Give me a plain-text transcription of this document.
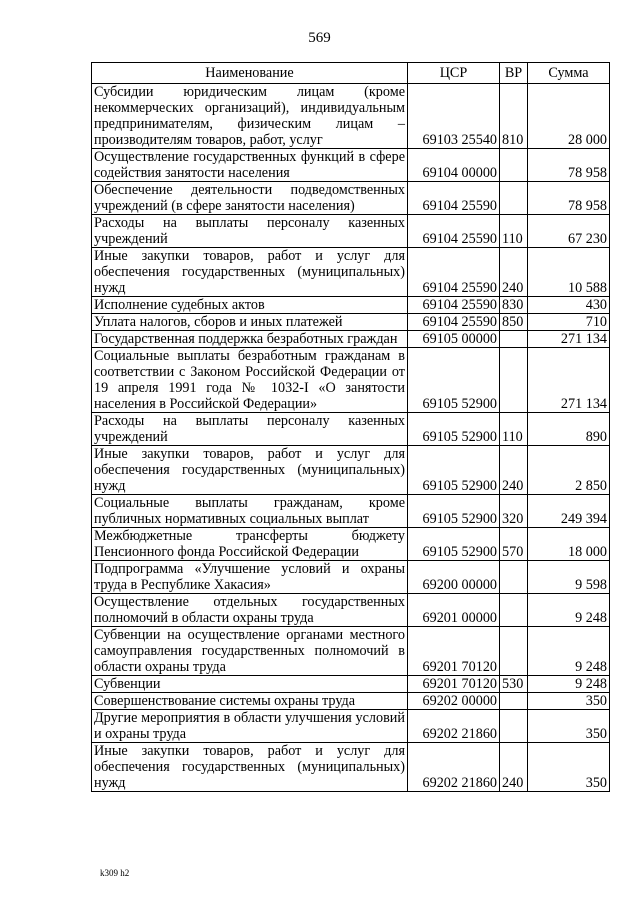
569
Наименование	ЦСР	ВР	Сумма
Субсидии юридическим лицам (кроме некоммерческих организаций), индивидуальным предпринимателям, физическим лицам – производителям товаров, работ, услуг	69103 25540	810	28 000
Осуществление государственных функций в сфере содействия занятости населения	69104 00000		78 958
Обеспечение деятельности подведомственных учреждений (в сфере занятости населения)	69104 25590		78 958
Расходы на выплаты персоналу казенных учреждений	69104 25590	110	67 230
Иные закупки товаров, работ и услуг для обеспечения государственных (муниципальных) нужд	69104 25590	240	10 588
Исполнение судебных актов	69104 25590	830	430
Уплата налогов, сборов и иных платежей	69104 25590	850	710
Государственная поддержка безработных граждан	69105 00000		271 134
Социальные выплаты безработным гражданам в соответствии с Законом Российской Федерации от 19 апреля 1991 года № 1032-I «О занятости населения в Российской Федерации»	69105 52900		271 134
Расходы на выплаты персоналу казенных учреждений	69105 52900	110	890
Иные закупки товаров, работ и услуг для обеспечения государственных (муниципальных) нужд	69105 52900	240	2 850
Социальные выплаты гражданам, кроме публичных нормативных социальных выплат	69105 52900	320	249 394
Межбюджетные трансферты бюджету Пенсионного фонда Российской Федерации	69105 52900	570	18 000
Подпрограмма «Улучшение условий и охраны труда в Республике Хакасия»	69200 00000		9 598
Осуществление отдельных государственных полномочий в области охраны труда	69201 00000		9 248
Субвенции на осуществление органами местного самоуправления государственных полномочий в области охраны труда	69201 70120		9 248
Субвенции	69201 70120	530	9 248
Совершенствование системы охраны труда	69202 00000		350
Другие мероприятия в области улучшения условий и охраны труда	69202 21860		350
Иные закупки товаров, работ и услуг для обеспечения государственных (муниципальных) нужд	69202 21860	240	350
k309 h2
